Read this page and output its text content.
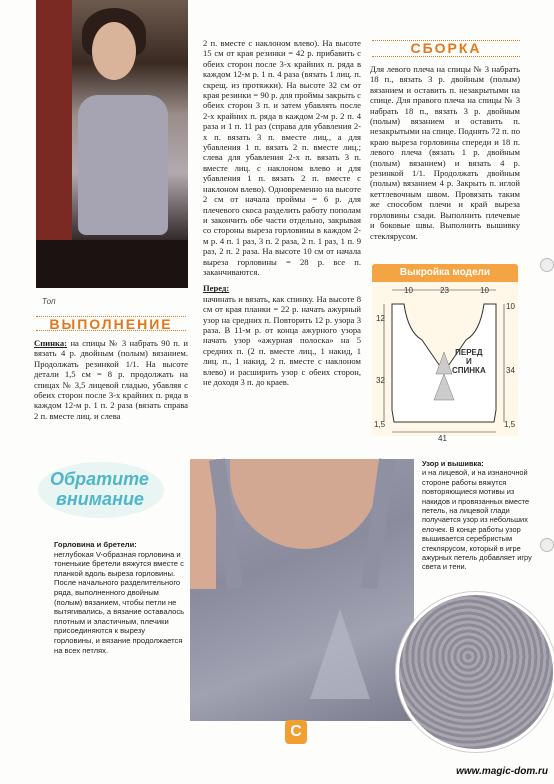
Топ
ВЫПОЛНЕНИЕ

Спинка: на спицы № 3 набрать 90 п. и вязать 4 р. двойным (полым) вязанием. Продолжать резинкой 1/1. На высоте детали 1,5 см = 8 р. продолжать на спицах № 3,5 лицевой гладью, убавляя с обеих сторон после 3-х крайних п. ряда в каждом 12-м р. 1 п. 2 раза (вязать справа 2 п. вместе лиц. и слева

2 п. вместе с наклоном влево). На высоте 15 см от края резинки = 42 р. прибавить с обеих сторон после 3-х крайних п. ряда в каждом 12-м р. 1 п. 4 раза (вязать 1 лиц. п. скрещ. из протяжки). На высоте 32 см от края резинки = 90 р. для проймы закрыть с обеих сторон 3 п. и затем убавлять после 2-х крайних п. ряда в каждом 2-м р. 2 п. 4 раза и 1 п. 11 раз (справа для убавления 2-х п. вязать 3 п. вместе лиц., а для убавления 1 п. вязать 2 п. вместе лиц.; слева для убавления 2-х п. вязать 3 п. вместе лиц. с наклоном влево и для убавления 1 п. вязать 2 п. вместе с наклоном влево). Одновременно на высоте 2 см от начала проймы = 6 р. для плечевого скоса разделить работу пополам и закончить обе части отдельно, закрывая со стороны выреза горловины в каждом 2-м р. 4 п. 1 раз, 3 п. 2 раза, 2 п. 1 раз, 1 п. 9 раз, 2 п. 2 раза. На высоте 10 см от начала выреза горловины = 28 р. все п. заканчиваются.

Перед:

начинать и вязать, как спинку. На высоте 8 см от края планки = 22 р. начать ажурный узор на средних п. Повторить 12 р. узора 3 раза. В 11-м р. от конца ажурного узора начать узор «ажурная полоска» на 5 средних п. (2 п. вместе лиц., 1 накид, 1 лиц. п., 1 накид, 2 п. вместе с наклоном влево) и расширить узор с обеих сторон, не доходя 3 п. до краев.

СБОРКА

Для левого плеча на спицы № 3 набрать 18 п., вязать 3 р. двойным (полым) вязанием и оставить п. незакрытыми на спице. Для правого плеча на спицы № 3 набрать 18 п., вязать 3 р. двойным (полым) вязанием и оставить п. незакрытыми на спице. Поднять 72 п. по краю выреза горловины спереди и 18 п. левого плеча (вязать 1 р. двойным (полым) вязанием) и вязать 4 р. резинкой 1/1. Продолжать двойным (полым) вязанием 4 р. Закрыть п. иглой кеттлевочным швом. Провязать таким же способом плечи и край выреза горловины сзади. Выполнить плечевые и боковые швы. Выполнить вышивку стеклярусом.

Выкройка модели
10	23	10
12
32
1,5
10
34
1,5
41
ПЕРЕД
И
СПИНКА
Обратите
внимание
Горловина и бретели:
неглубокая V-образная горловина и тоненькие бретели вяжутся вместе с планкой вдоль выреза горловины. После начального разделительного ряда, выполненного двойным (полым) вязанием, чтобы петли не вытягивались, а вязание оставалось плотным и эластичным, плечики присоединяются к вырезу горловины, и вязание продолжается на всех петлях.
Узор и вышивка:
и на лицевой, и на изнаночной стороне работы вяжутся повторяющиеся мотивы из накидов и провязанных вместе петель, на лицевой глади получается узор из небольших елочек. В конце работы узор вышивается серебристым стеклярусом, который в игре ажурных петель добавляет игру света и тени.
С
www.magic-dom.ru
